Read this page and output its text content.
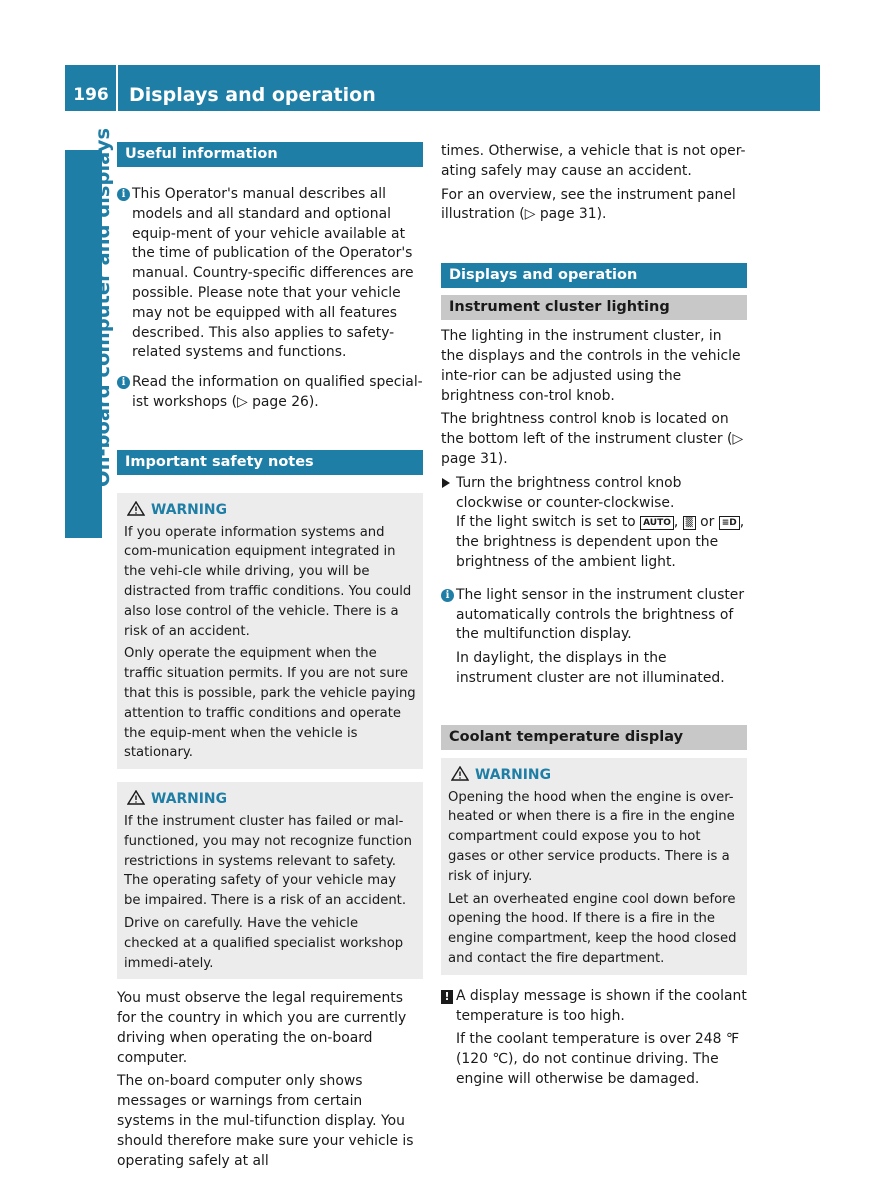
196	Displays and operation
On-board computer and displays Useful information
i This Operator's manual describes all models and all standard and optional equip-ment of your vehicle available at the time of publication of the Operator's manual. Country-specific differences are possible. Please note that your vehicle may not be equipped with all features described. This also applies to safety-related systems and functions.
i Read the information on qualified special-ist workshops (▷ page 26).
Important safety notes
WARNING
If you operate information systems and com-munication equipment integrated in the vehi-cle while driving, you will be distracted from traffic conditions. You could also lose control of the vehicle. There is a risk of an accident.
Only operate the equipment when the traffic situation permits. If you are not sure that this is possible, park the vehicle paying attention to traffic conditions and operate the equip-ment when the vehicle is stationary.
WARNING
If the instrument cluster has failed or mal-functioned, you may not recognize function restrictions in systems relevant to safety. The operating safety of your vehicle may be impaired. There is a risk of an accident.
Drive on carefully. Have the vehicle checked at a qualified specialist workshop immedi-ately.
You must observe the legal requirements for the country in which you are currently driving when operating the on-board computer.
The on-board computer only shows messages or warnings from certain systems in the mul-tifunction display. You should therefore make sure your vehicle is operating safely at all
times. Otherwise, a vehicle that is not oper-ating safely may cause an accident.
For an overview, see the instrument panel illustration (▷ page 31).
Displays and operation
Instrument cluster lighting
The lighting in the instrument cluster, in the displays and the controls in the vehicle inte-rior can be adjusted using the brightness con-trol knob.
The brightness control knob is located on the bottom left of the instrument cluster (▷ page 31).
Turn the brightness control knob clockwise or counter-clockwise.
If the light switch is set to AUTO , ▒ or ≡D , the brightness is dependent upon the brightness of the ambient light.
i The light sensor in the instrument cluster automatically controls the brightness of the multifunction display.
In daylight, the displays in the instrument cluster are not illuminated.
Coolant temperature display
WARNING
Opening the hood when the engine is over-heated or when there is a fire in the engine compartment could expose you to hot gases or other service products. There is a risk of injury.
Let an overheated engine cool down before opening the hood. If there is a fire in the engine compartment, keep the hood closed and contact the fire department.
! A display message is shown if the coolant temperature is too high.
If the coolant temperature is over 248 ℉ (120 ℃), do not continue driving. The engine will otherwise be damaged.
